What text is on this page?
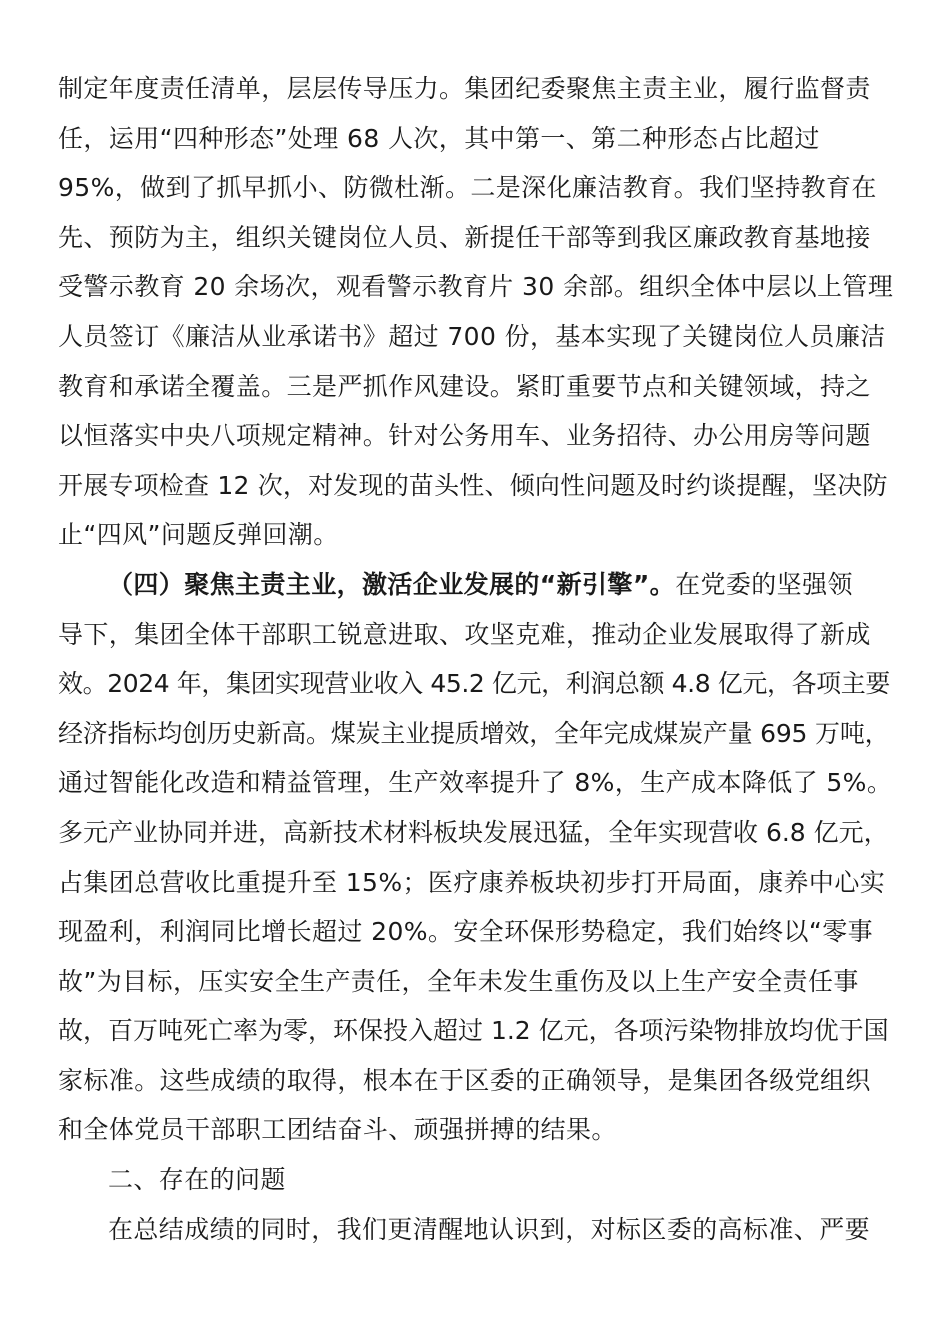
制定年度责任清单，层层传导压力。集团纪委聚焦主责主业，履行监督责
任，运用“四种形态”处理 68 人次，其中第一、第二种形态占比超过
95%，做到了抓早抓小、防微杜渐。二是深化廉洁教育。我们坚持教育在
先、预防为主，组织关键岗位人员、新提任干部等到我区廉政教育基地接
受警示教育 20 余场次，观看警示教育片 30 余部。组织全体中层以上管理
人员签订《廉洁从业承诺书》超过 700 份，基本实现了关键岗位人员廉洁
教育和承诺全覆盖。三是严抓作风建设。紧盯重要节点和关键领域，持之
以恒落实中央八项规定精神。针对公务用车、业务招待、办公用房等问题
开展专项检查 12 次，对发现的苗头性、倾向性问题及时约谈提醒，坚决防
止“四风”问题反弹回潮。
（四）聚焦主责主业，激活企业发展的“新引擎”。在党委的坚强领
导下，集团全体干部职工锐意进取、攻坚克难，推动企业发展取得了新成
效。2024 年，集团实现营业收入 45.2 亿元，利润总额 4.8 亿元，各项主要
经济指标均创历史新高。煤炭主业提质增效，全年完成煤炭产量 695 万吨，
通过智能化改造和精益管理，生产效率提升了 8%，生产成本降低了 5%。
多元产业协同并进，高新技术材料板块发展迅猛，全年实现营收 6.8 亿元，
占集团总营收比重提升至 15%；医疗康养板块初步打开局面，康养中心实
现盈利，利润同比增长超过 20%。安全环保形势稳定，我们始终以“零事
故”为目标，压实安全生产责任，全年未发生重伤及以上生产安全责任事
故，百万吨死亡率为零，环保投入超过 1.2 亿元，各项污染物排放均优于国
家标准。这些成绩的取得，根本在于区委的正确领导，是集团各级党组织
和全体党员干部职工团结奋斗、顽强拼搏的结果。
二、存在的问题
在总结成绩的同时，我们更清醒地认识到，对标区委的高标准、严要
